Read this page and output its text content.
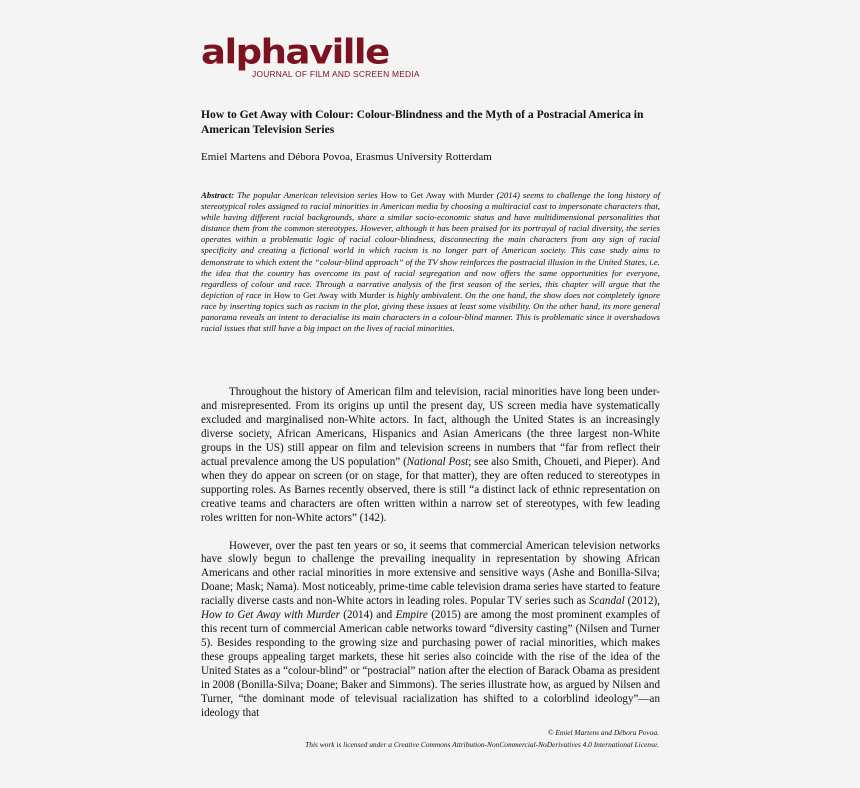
alphaville
JOURNAL OF FILM AND SCREEN MEDIA
How to Get Away with Colour: Colour-Blindness and the Myth of a Postracial America in American Television Series
Emiel Martens and Débora Povoa, Erasmus University Rotterdam
Abstract: The popular American television series How to Get Away with Murder (2014) seems to challenge the long history of stereotypical roles assigned to racial minorities in American media by choosing a multiracial cast to impersonate characters that, while having different racial backgrounds, share a similar socio-economic status and have multidimensional personalities that distance them from the common stereotypes. However, although it has been praised for its portrayal of racial diversity, the series operates within a problematic logic of racial colour-blindness, disconnecting the main characters from any sign of racial specificity and creating a fictional world in which racism is no longer part of American society. This case study aims to demonstrate to which extent the “colour-blind approach” of the TV show reinforces the postracial illusion in the United States, i.e. the idea that the country has overcome its past of racial segregation and now offers the same opportunities for everyone, regardless of colour and race. Through a narrative analysis of the first season of the series, this chapter will argue that the depiction of race in How to Get Away with Murder is highly ambivalent. On the one hand, the show does not completely ignore race by inserting topics such as racism in the plot, giving these issues at least some visibility. On the other hand, its more general panorama reveals an intent to deracialise its main characters in a colour-blind manner. This is problematic since it overshadows racial issues that still have a big impact on the lives of racial minorities.

Throughout the history of American film and television, racial minorities have long been under- and misrepresented. From its origins up until the present day, US screen media have systematically excluded and marginalised non-White actors. In fact, although the United States is an increasingly diverse society, African Americans, Hispanics and Asian Americans (the three largest non-White groups in the US) still appear on film and television screens in numbers that “far from reflect their actual prevalence among the US population” (National Post; see also Smith, Choueti, and Pieper). And when they do appear on screen (or on stage, for that matter), they are often reduced to stereotypes in supporting roles. As Barnes recently observed, there is still “a distinct lack of ethnic representation on creative teams and characters are often written within a narrow set of stereotypes, with few leading roles written for non-White actors” (142).

However, over the past ten years or so, it seems that commercial American television networks have slowly begun to challenge the prevailing inequality in representation by showing African Americans and other racial minorities in more extensive and sensitive ways (Ashe and Bonilla-Silva; Doane; Mask; Nama). Most noticeably, prime-time cable television drama series have started to feature racially diverse casts and non-White actors in leading roles. Popular TV series such as Scandal (2012), How to Get Away with Murder (2014) and Empire (2015) are among the most prominent examples of this recent turn of commercial American cable networks toward “diversity casting” (Nilsen and Turner 5). Besides responding to the growing size and purchasing power of racial minorities, which makes these groups appealing target markets, these hit series also coincide with the rise of the idea of the United States as a “colour-blind” or “postracial” nation after the election of Barack Obama as president in 2008 (Bonilla-Silva; Doane; Baker and Simmons). The series illustrate how, as argued by Nilsen and Turner, “the dominant mode of televisual racialization has shifted to a colorblind ideology”—an ideology that

© Emiel Martens and Débora Povoa.
This work is licensed under a Creative Commons Attribution-NonCommercial-NoDerivatives 4.0 International License.
